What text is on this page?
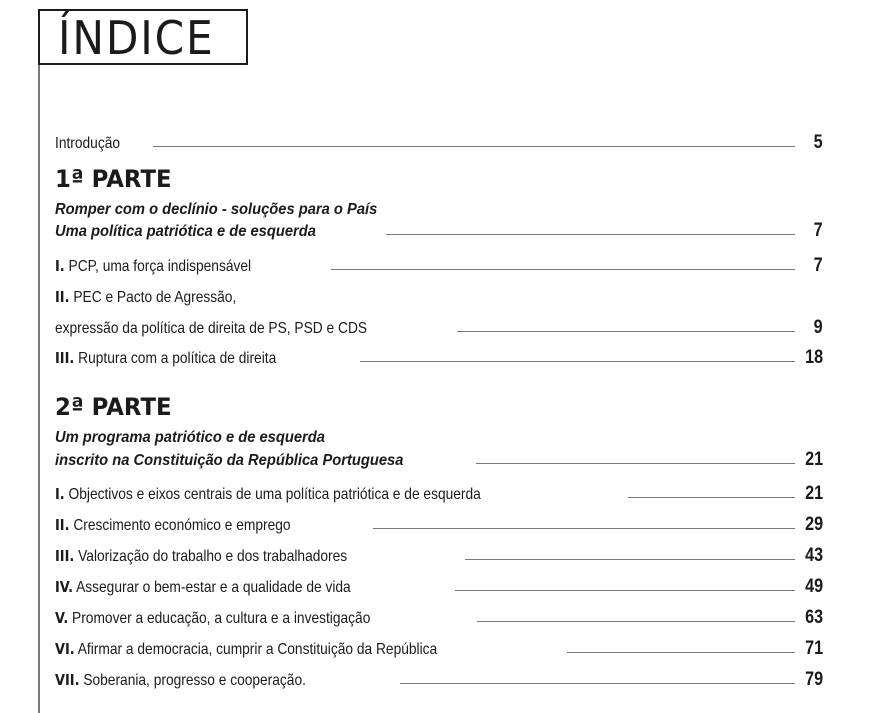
ÍNDICE
Introdução	5
1ª PARTE
Romper com o declínio - soluções para o País
Uma política patriótica e de esquerda	7
I. PCP, uma força indispensável	7
II. PEC e Pacto de Agressão,
expressão da política de direita de PS, PSD e CDS	9
III. Ruptura com a política de direita	18
2ª PARTE
Um programa patriótico e de esquerda
inscrito na Constituição da República Portuguesa	21
I. Objectivos e eixos centrais de uma política patriótica e de esquerda	21
II. Crescimento económico e emprego	29
III. Valorização do trabalho e dos trabalhadores	43
IV. Assegurar o bem-estar e a qualidade de vida	49
V. Promover a educação, a cultura e a investigação	63
VI. Afirmar a democracia, cumprir a Constituição da República	71
VII. Soberania, progresso e cooperação.	79
